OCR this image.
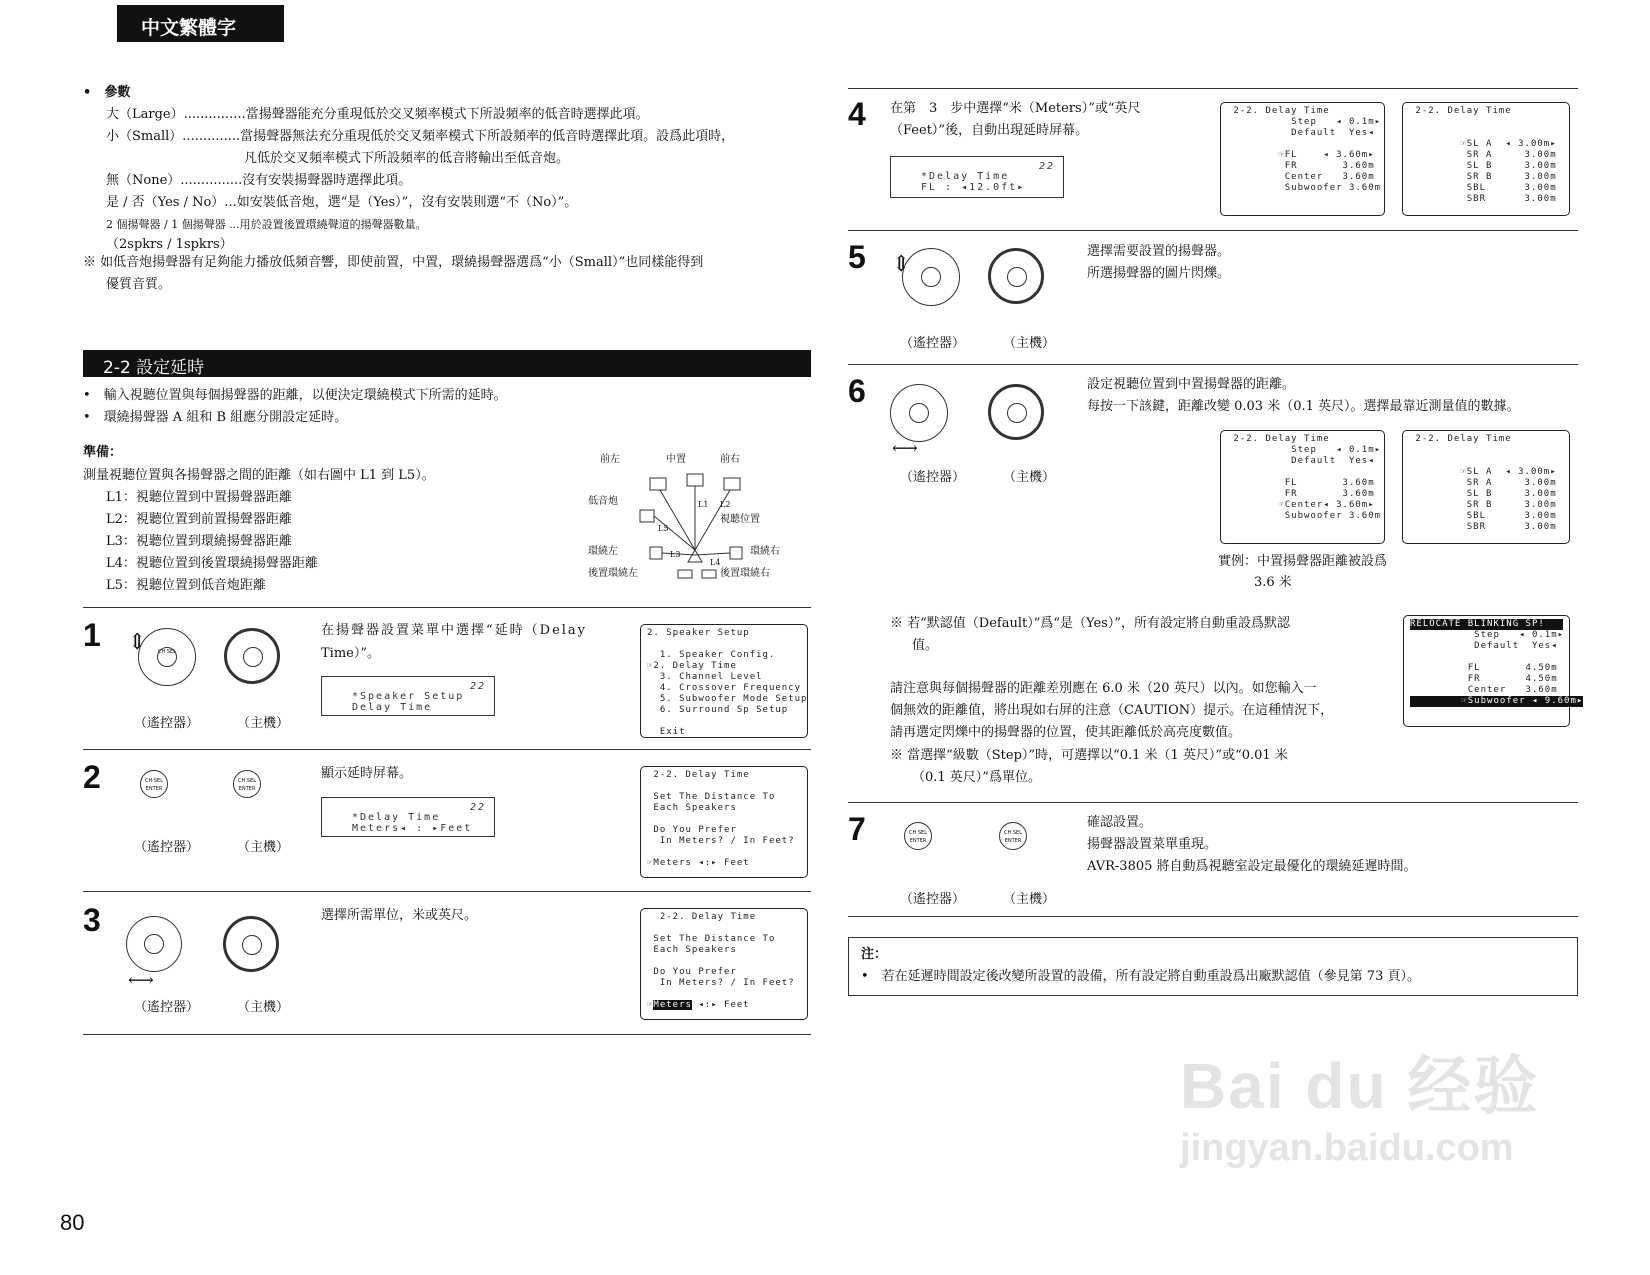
中文繁體字
•　參數
大（Large）...............當揚聲器能充分重現低於交叉頻率模式下所設頻率的低音時選擇此項。
小（Small）..............當揚聲器無法充分重現低於交叉頻率模式下所設頻率的低音時選擇此項。設爲此項時，
凡低於交叉頻率模式下所設頻率的低音將輸出至低音炮。
無（None）...............沒有安裝揚聲器時選擇此項。
是 / 否（Yes / No）...如安裝低音炮，選“是（Yes）”，沒有安裝則選“不（No）”。
2 個揚聲器 / 1 個揚聲器 ...用於設置後置環繞聲道的揚聲器數量。
（2spkrs / 1spkrs）
※ 如低音炮揚聲器有足夠能力播放低頻音響，即使前置，中置，環繞揚聲器選爲“小（Small）”也同樣能得到
優質音質。
2-2 設定延時
•　輸入視聽位置與每個揚聲器的距離，以便決定環繞模式下所需的延時。
•　環繞揚聲器 A 組和 B 組應分開設定延時。
準備：
測量視聽位置與各揚聲器之間的距離（如右圖中 L1 到 L5）。
L1：視聽位置到中置揚聲器距離
L2：視聽位置到前置揚聲器距離
L3：視聽位置到環繞揚聲器距離
L4：視聽位置到後置環繞揚聲器距離
L5：視聽位置到低音炮距離
前左	中置	前右
低音炮
視聽位置
環繞左	環繞右
後置環繞左	後置環繞右
L1 L2
L3
L4
L5
1	CH SEL
⇕
（遙控器）	（主機）
在揚聲器設置菜單中選擇“延時（Delay
Time）”。
22
*Speaker Setup
Delay Time
2. Speaker Setup

1. Speaker Config.
☞2. Delay Time
3. Channel Level
4. Crossover Frequency
5. Subwoofer Mode Setup
6. Surround Sp Setup

Exit
2	CH SEL
ENTER
CH SEL
ENTER
（遙控器）	（主機）
顯示延時屏幕。
22
*Delay Time
Meters◂ : ▸Feet
2-2. Delay Time

Set The Distance To
Each Speakers

Do You Prefer
In Meters? / In Feet?

☞Meters ◂:▸ Feet
3
⟷
（遙控器）	（主機）
選擇所需單位，米或英尺。	2-2. Delay Time

Set The Distance To
Each Speakers

Do You Prefer
In Meters? / In Feet?

☞Meters ◂:▸ Feet
4 在第　3　步中選擇“米（Meters）”或“英尺
（Feet）”後，自動出現延時屏幕。
22
*Delay Time
FL : ◂12.0ft▸
2-2. Delay Time
Step   ◂ 0.1m▸
Default  Yes◂

☞FL    ◂ 3.60m▸
FR       3.60m
Center   3.60m
Subwoofer 3.60m
2-2. Delay Time

☞SL A  ◂ 3.00m▸
SR A     3.00m
SL B     3.00m
SR B     3.00m
SBL      3.00m
SBR      3.00m
5 ⇕
（遙控器）	（主機）
選擇需要設置的揚聲器。
所選揚聲器的圖片閃爍。
6
⟷
（遙控器）	（主機）
設定視聽位置到中置揚聲器的距離。
每按一下該鍵，距離改變 0.03 米（0.1 英尺）。選擇最靠近測量值的數據。
2-2. Delay Time
Step   ◂ 0.1m▸
Default  Yes◂

FL       3.60m
FR       3.60m
☞Center◂ 3.60m▸
Subwoofer 3.60m
2-2. Delay Time

☞SL A  ◂ 3.00m▸
SR A     3.00m
SL B     3.00m
SR B     3.00m
SBL      3.00m
SBR      3.00m
實例：中置揚聲器距離被設爲
3.6 米
※ 若“默認值（Default）”爲“是（Yes）”，所有設定將自動重設爲默認
值。
請注意與每個揚聲器的距離差別應在 6.0 米（20 英尺）以內。如您輸入一
個無效的距離值，將出現如右屏的注意（CAUTION）提示。在這種情況下，
請再選定閃爍中的揚聲器的位置，使其距離低於高亮度數值。
RELOCATE BLINKING SP!
Step   ◂ 0.1m▸
Default  Yes◂

FL       4.50m
FR       4.50m
Center   3.60m
☞Subwoofer ◂ 9.60m▸
※ 當選擇“級數（Step）”時，可選擇以“0.1 米（1 英尺）”或“0.01 米
（0.1 英尺）”爲單位。
7	CH SEL
ENTER
CH SEL
ENTER
（遙控器）	（主機）
確認設置。
揚聲器設置菜單重現。
AVR-3805 將自動爲視聽室設定最優化的環繞延遲時間。
注：
•　若在延遲時間設定後改變所設置的設備，所有設定將自動重設爲出廠默認值（參見第 73 頁）。
Bai du 经验
jingyan.baidu.com
80
